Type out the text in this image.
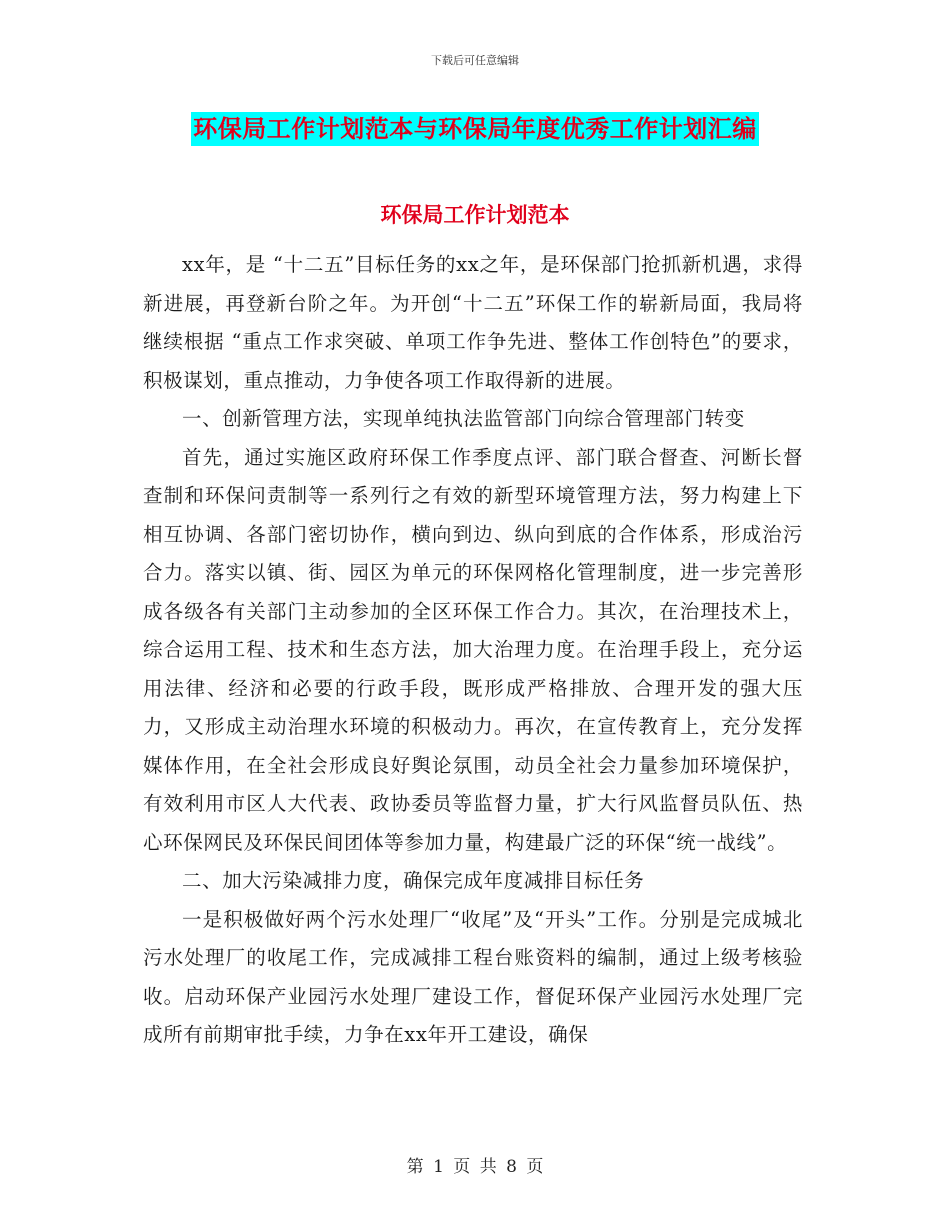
下载后可任意编辑
环保局工作计划范本与环保局年度优秀工作计划汇编
环保局工作计划范本

xx年，是 “十二五”目标任务的xx之年，是环保部门抢抓新机遇，求得新进展，再登新台阶之年。为开创“十二五”环保工作的崭新局面，我局将继续根据 “重点工作求突破、单项工作争先进、整体工作创特色”的要求，积极谋划，重点推动，力争使各项工作取得新的进展。

一、创新管理方法，实现单纯执法监管部门向综合管理部门转变

首先，通过实施区政府环保工作季度点评、部门联合督查、河断长督查制和环保问责制等一系列行之有效的新型环境管理方法，努力构建上下相互协调、各部门密切协作，横向到边、纵向到底的合作体系，形成治污合力。落实以镇、街、园区为单元的环保网格化管理制度，进一步完善形成各级各有关部门主动参加的全区环保工作合力。其次，在治理技术上，综合运用工程、技术和生态方法，加大治理力度。在治理手段上，充分运用法律、经济和必要的行政手段，既形成严格排放、合理开发的强大压力，又形成主动治理水环境的积极动力。再次，在宣传教育上，充分发挥媒体作用，在全社会形成良好舆论氛围，动员全社会力量参加环境保护，有效利用市区人大代表、政协委员等监督力量，扩大行风监督员队伍、热心环保网民及环保民间团体等参加力量，构建最广泛的环保“统一战线”。

二、加大污染减排力度，确保完成年度减排目标任务

一是积极做好两个污水处理厂“收尾”及“开头”工作。分别是完成城北污水处理厂的收尾工作，完成减排工程台账资料的编制，通过上级考核验收。启动环保产业园污水处理厂建设工作，督促环保产业园污水处理厂完成所有前期审批手续，力争在xx年开工建设，确保

第 1 页 共 8 页
